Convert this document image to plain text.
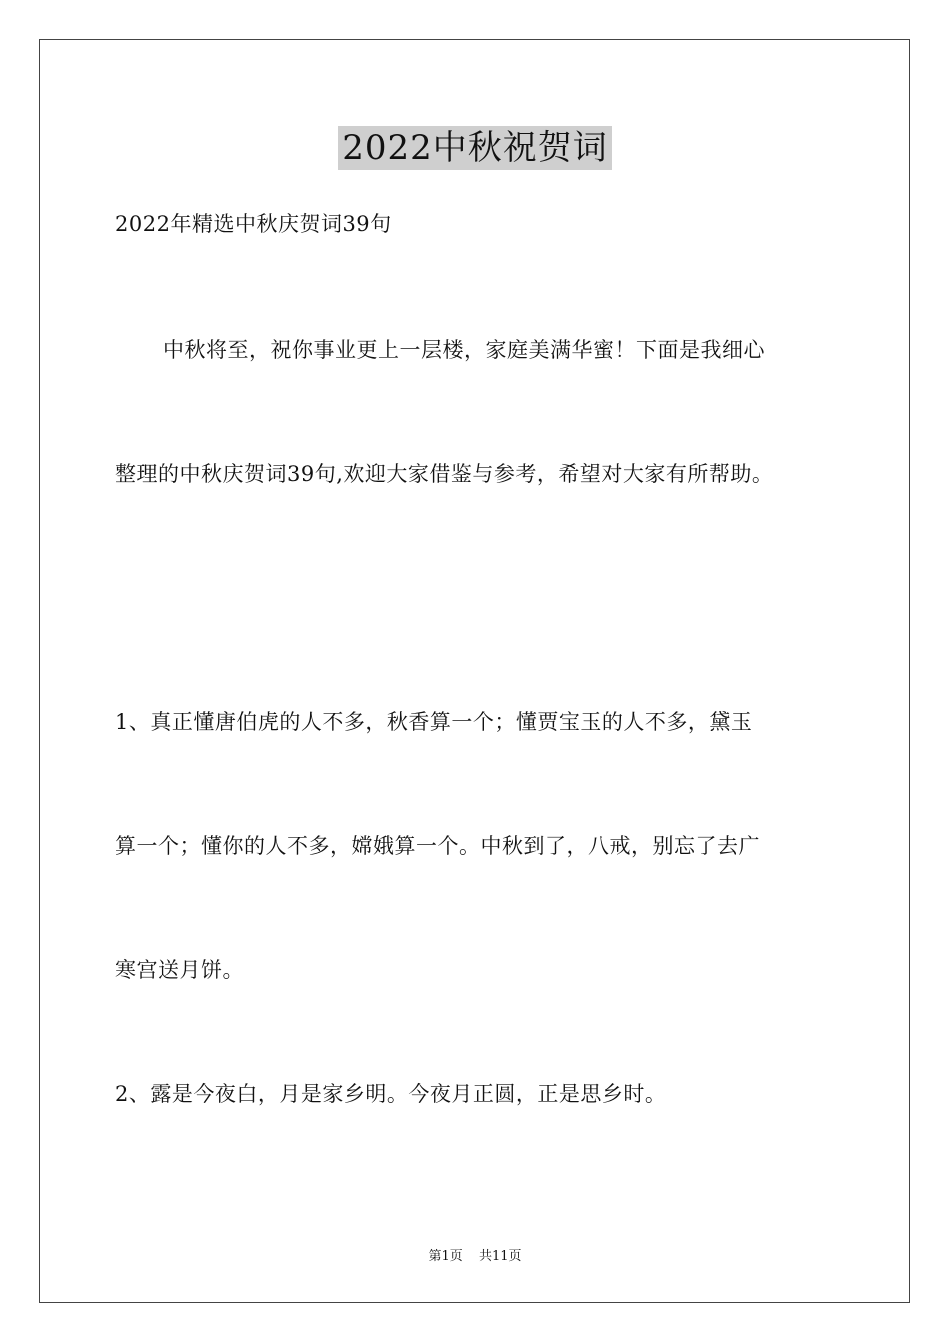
2022中秋祝贺词
2022年精选中秋庆贺词39句
中秋将至，祝你事业更上一层楼，家庭美满华蜜！下面是我细心
整理的中秋庆贺词39句,欢迎大家借鉴与参考，希望对大家有所帮助。
1、真正懂唐伯虎的人不多，秋香算一个；懂贾宝玉的人不多，黛玉
算一个；懂你的人不多，嫦娥算一个。中秋到了，八戒，别忘了去广
寒宫送月饼。
2、露是今夜白，月是家乡明。今夜月正圆，正是思乡时。
第1页 共11页
